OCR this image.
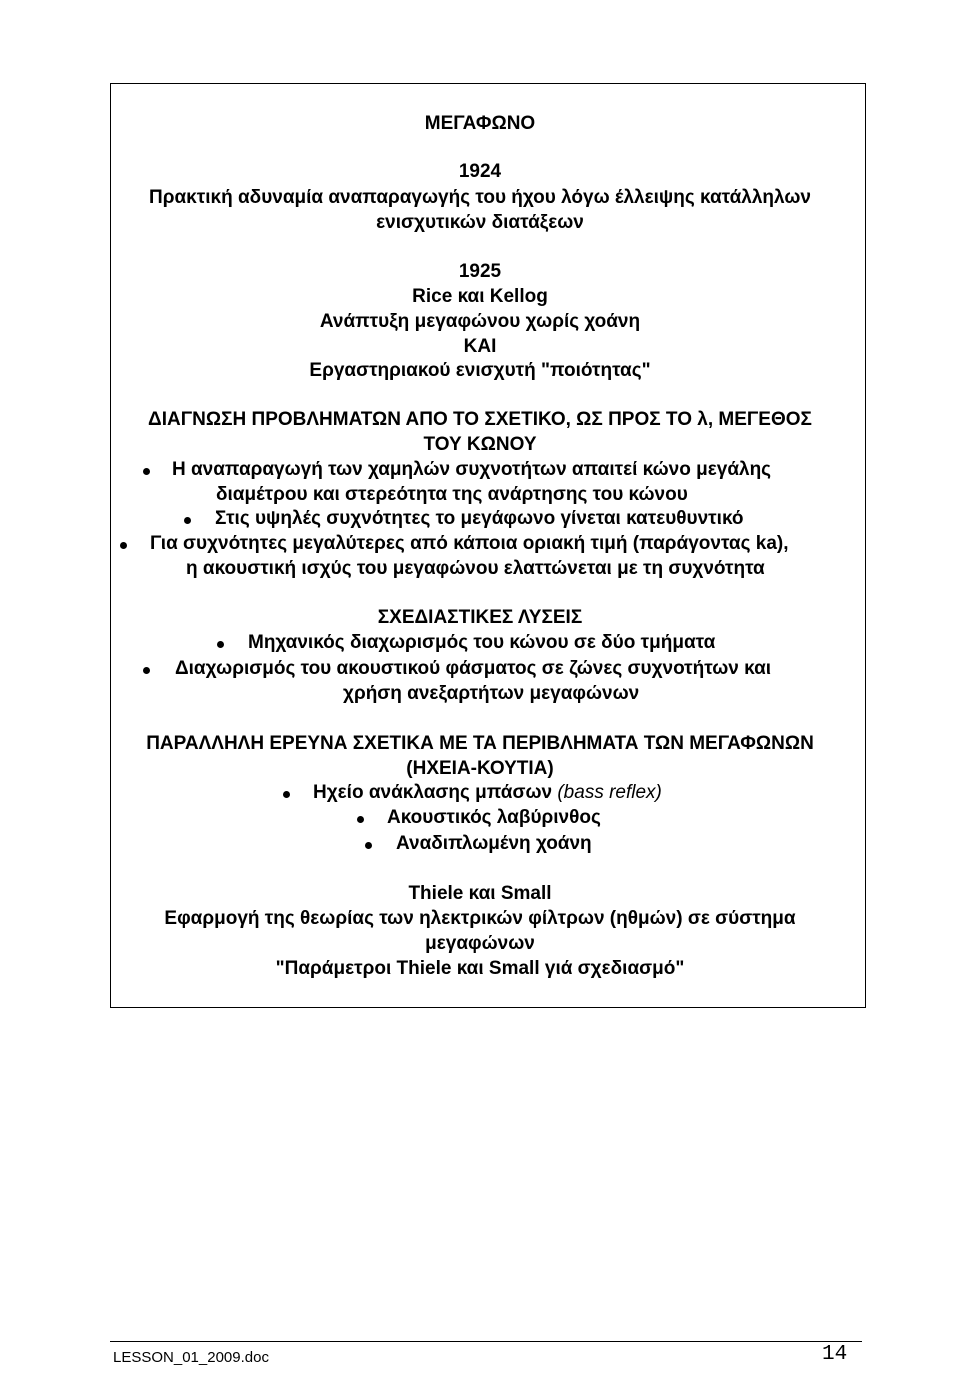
ΜΕΓΑΦΩΝΟ

1924

Πρακτική αδυναμία αναπαραγωγής του ήχου λόγω έλλειψης κατάλληλων

ενισχυτικών διατάξεων

1925

Rice και Kellog

Ανάπτυξη μεγαφώνου χωρίς χοάνη

ΚΑΙ

Εργαστηριακού ενισχυτή "ποιότητας"

ΔΙΑΓΝΩΣΗ ΠΡΟΒΛΗΜΑΤΩΝ ΑΠΟ ΤΟ ΣΧΕΤΙΚΟ, ΩΣ ΠΡΟΣ ΤΟ λ, ΜΕΓΕΘΟΣ

ΤΟΥ ΚΩΝΟΥ

Η αναπαραγωγή των χαμηλών συχνοτήτων απαιτεί κώνο μεγάλης
διαμέτρου και στερεότητα της ανάρτησης του κώνου
Στις υψηλές συχνότητες το μεγάφωνο γίνεται κατευθυντικό
Για συχνότητες μεγαλύτερες από κάποια οριακή τιμή (παράγοντας ka),
η ακουστική ισχύς του μεγαφώνου ελαττώνεται με τη συχνότητα

ΣΧΕΔΙΑΣΤΙΚΕΣ ΛΥΣΕΙΣ

Μηχανικός διαχωρισμός του κώνου σε δύο τμήματα
Διαχωρισμός του ακουστικού φάσματος σε ζώνες συχνοτήτων και
χρήση ανεξαρτήτων μεγαφώνων

ΠΑΡΑΛΛΗΛΗ ΕΡΕΥΝΑ ΣΧΕΤΙΚΑ ΜΕ ΤΑ ΠΕΡΙΒΛΗΜΑΤΑ ΤΩΝ ΜΕΓΑΦΩΝΩΝ

(ΗΧΕΙΑ-ΚΟΥΤΙΑ)

Ηχείο ανάκλασης μπάσων (bass reflex)
Ακουστικός λαβύρινθος
Αναδιπλωμένη χοάνη

Thiele και Small

Εφαρμογή της θεωρίας των ηλεκτρικών φίλτρων (ηθμών) σε σύστημα

μεγαφώνων

"Παράμετροι Thiele και Small γιά σχεδιασμό"

LESSON_01_2009.doc	14
